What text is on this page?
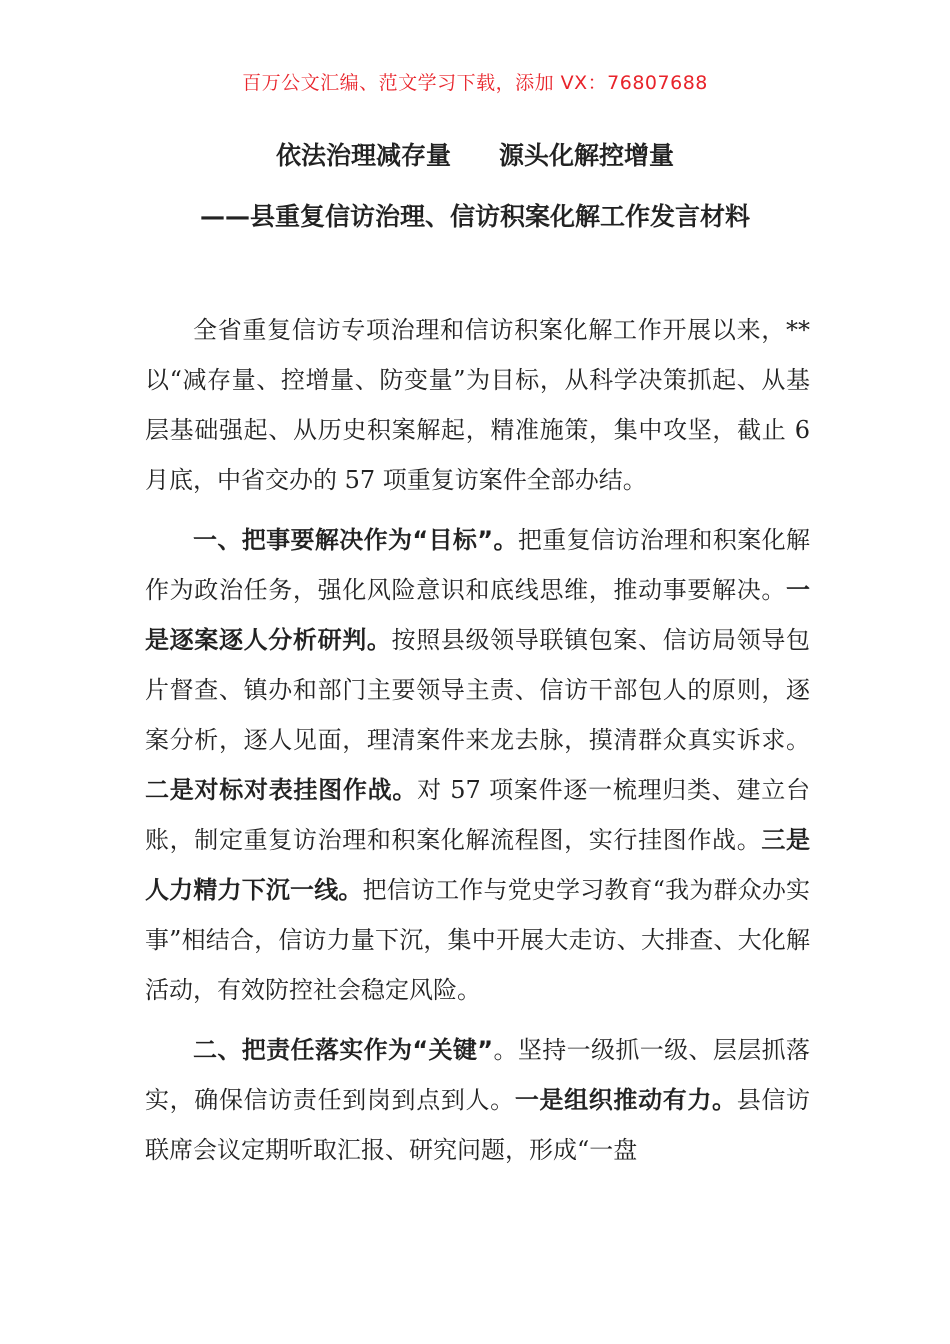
百万公文汇编、范文学习下载，添加 VX：76807688
依法治理减存量 源头化解控增量
——县重复信访治理、信访积案化解工作发言材料

全省重复信访专项治理和信访积案化解工作开展以来，**以“减存量、控增量、防变量”为目标，从科学决策抓起、从基层基础强起、从历史积案解起，精准施策，集中攻坚，截止 6 月底，中省交办的 57 项重复访案件全部办结。

一、把事要解决作为“目标”。把重复信访治理和积案化解作为政治任务，强化风险意识和底线思维，推动事要解决。一是逐案逐人分析研判。按照县级领导联镇包案、信访局领导包片督查、镇办和部门主要领导主责、信访干部包人的原则，逐案分析，逐人见面，理清案件来龙去脉，摸清群众真实诉求。二是对标对表挂图作战。对 57 项案件逐一梳理归类、建立台账，制定重复访治理和积案化解流程图，实行挂图作战。三是人力精力下沉一线。把信访工作与党史学习教育“我为群众办实事”相结合，信访力量下沉，集中开展大走访、大排查、大化解活动，有效防控社会稳定风险。

二、把责任落实作为“关键”。坚持一级抓一级、层层抓落实，确保信访责任到岗到点到人。一是组织推动有力。县信访联席会议定期听取汇报、研究问题，形成“一盘
